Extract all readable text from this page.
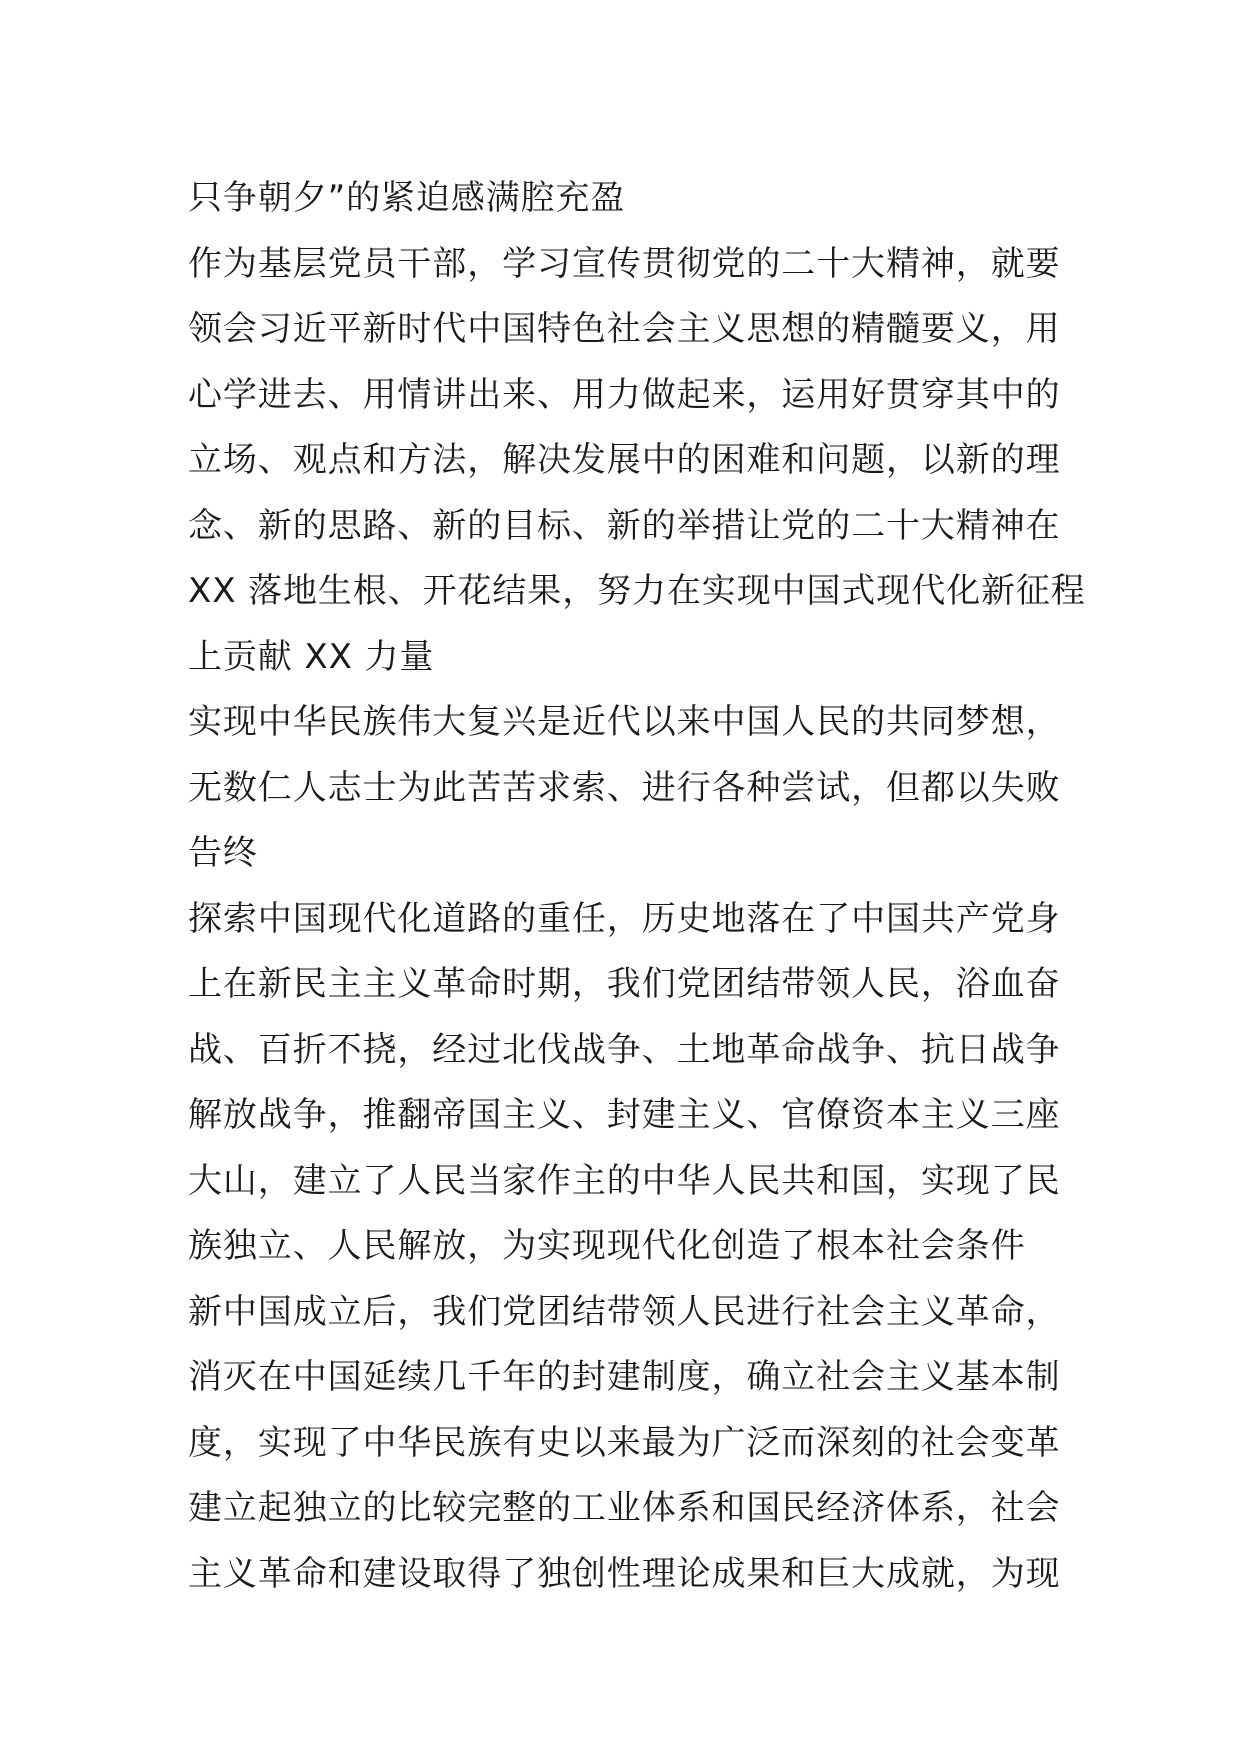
只争朝夕”的紧迫感满腔充盈
作为基层党员干部，学习宣传贯彻党的二十大精神，就要
领会习近平新时代中国特色社会主义思想的精髓要义，用
心学进去、用情讲出来、用力做起来，运用好贯穿其中的
立场、观点和方法，解决发展中的困难和问题，以新的理
念、新的思路、新的目标、新的举措让党的二十大精神在
XX 落地生根、开花结果，努力在实现中国式现代化新征程
上贡献 XX 力量
实现中华民族伟大复兴是近代以来中国人民的共同梦想，
无数仁人志士为此苦苦求索、进行各种尝试，但都以失败
告终
探索中国现代化道路的重任，历史地落在了中国共产党身
上在新民主主义革命时期，我们党团结带领人民，浴血奋
战、百折不挠，经过北伐战争、土地革命战争、抗日战争
解放战争，推翻帝国主义、封建主义、官僚资本主义三座
大山，建立了人民当家作主的中华人民共和国，实现了民
族独立、人民解放，为实现现代化创造了根本社会条件
新中国成立后，我们党团结带领人民进行社会主义革命，
消灭在中国延续几千年的封建制度，确立社会主义基本制
度，实现了中华民族有史以来最为广泛而深刻的社会变革
建立起独立的比较完整的工业体系和国民经济体系，社会
主义革命和建设取得了独创性理论成果和巨大成就，为现
